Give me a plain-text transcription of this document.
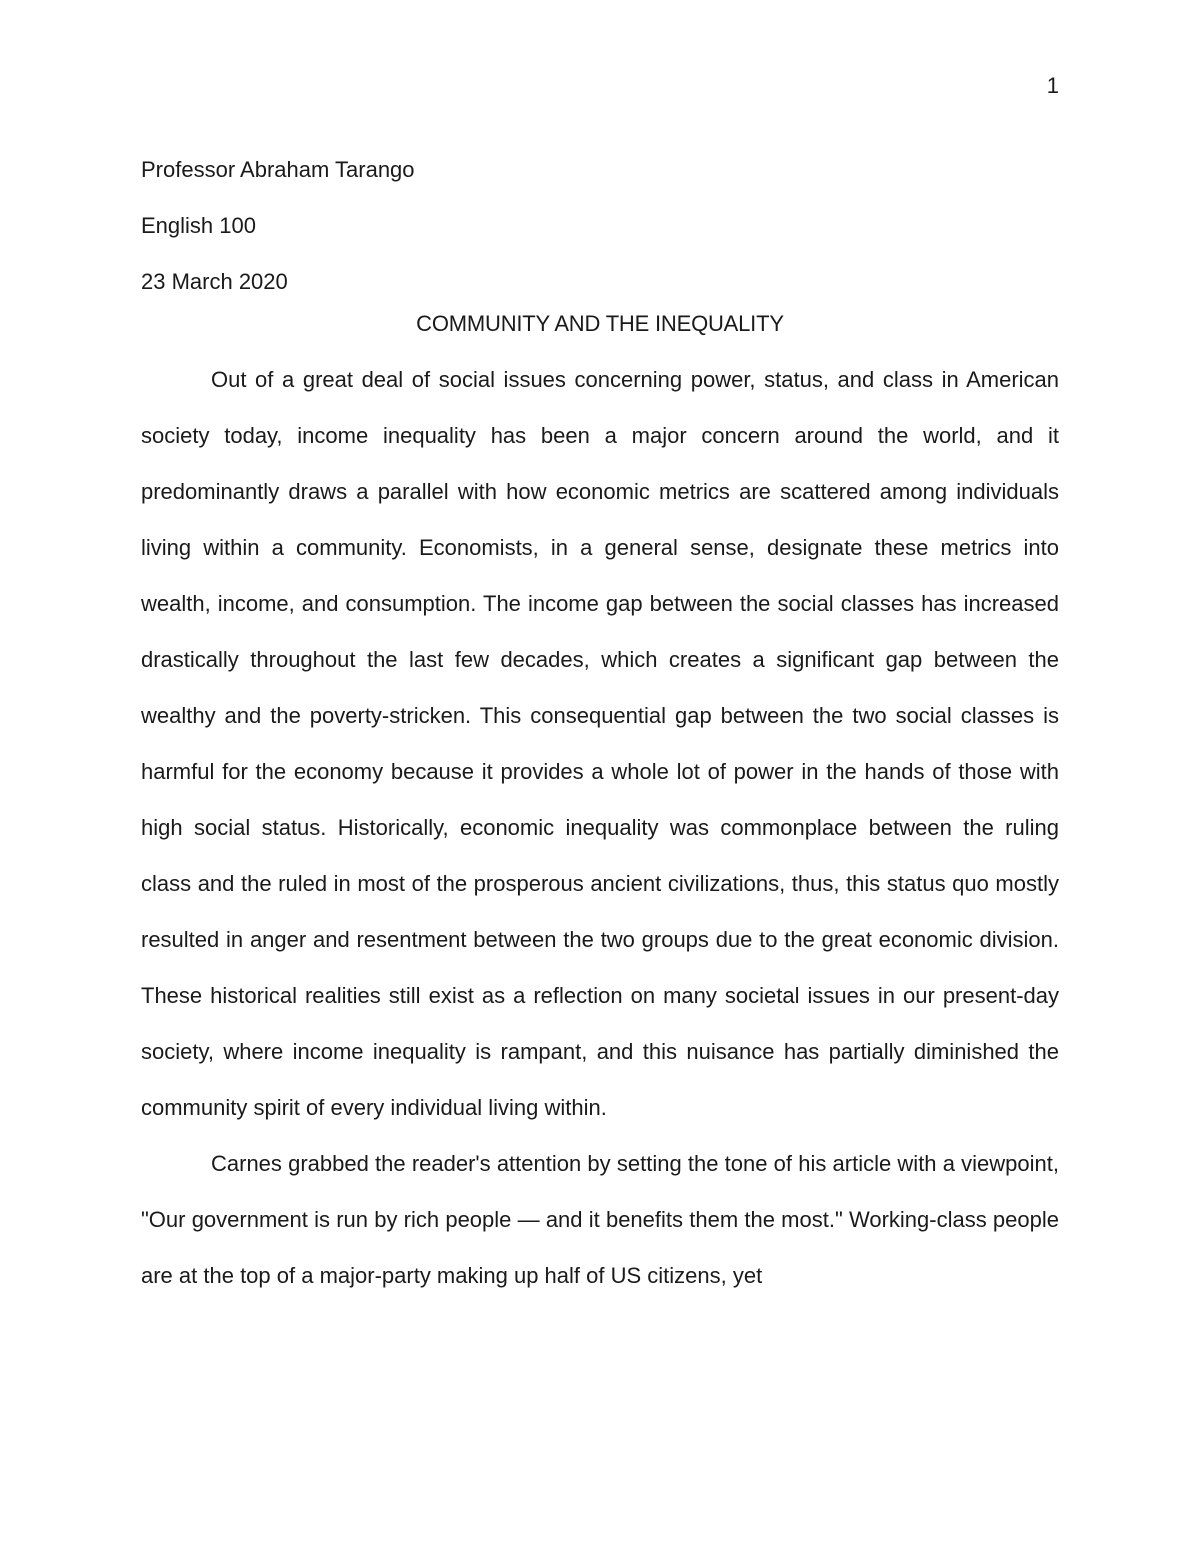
1

Professor Abraham Tarango

English 100

23 March 2020

COMMUNITY AND THE INEQUALITY

Out of a great deal of social issues concerning power, status, and class in American society today, income inequality has been a major concern around the world, and it predominantly draws a parallel with how economic metrics are scattered among individuals living within a community. Economists, in a general sense, designate these metrics into wealth, income, and consumption. The income gap between the social classes has increased drastically throughout the last few decades, which creates a significant gap between the wealthy and the poverty-stricken. This consequential gap between the two social classes is harmful for the economy because it provides a whole lot of power in the hands of those with high social status. Historically, economic inequality was commonplace between the ruling class and the ruled in most of the prosperous ancient civilizations, thus, this status quo mostly resulted in anger and resentment between the two groups due to the great economic division. These historical realities still exist as a reflection on many societal issues in our present-day society, where income inequality is rampant, and this nuisance has partially diminished the community spirit of every individual living within.

Carnes grabbed the reader's attention by setting the tone of his article with a viewpoint, "Our government is run by rich people — and it benefits them the most." Working-class people are at the top of a major-party making up half of US citizens, yet
